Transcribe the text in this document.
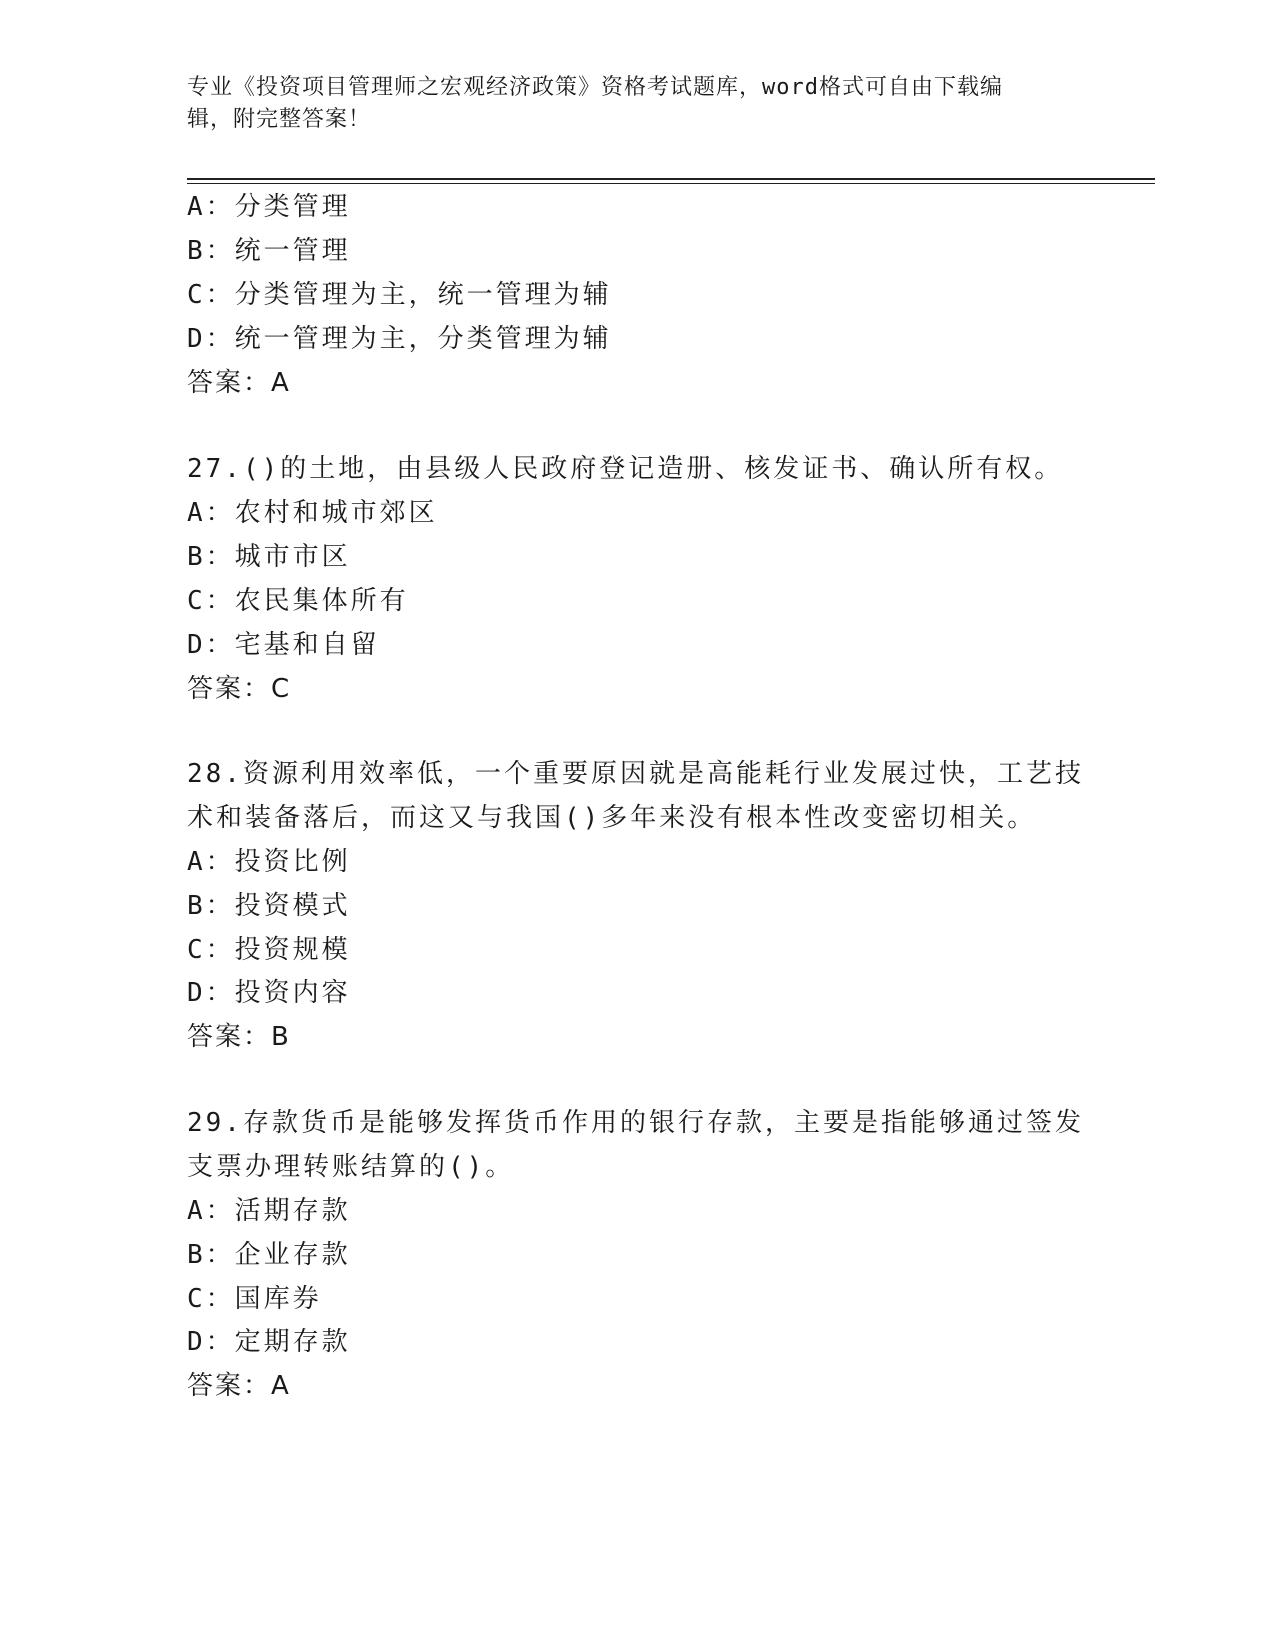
专业《投资项目管理师之宏观经济政策》资格考试题库，word格式可自由下载编
辑，附完整答案！
A：分类管理
B：统一管理
C：分类管理为主，统一管理为辅
D：统一管理为主，分类管理为辅
答案：A
27.()的土地，由县级人民政府登记造册、核发证书、确认所有权。
A：农村和城市郊区
B：城市市区
C：农民集体所有
D：宅基和自留
答案：C
28.资源利用效率低，一个重要原因就是高能耗行业发展过快，工艺技
术和装备落后，而这又与我国()多年来没有根本性改变密切相关。
A：投资比例
B：投资模式
C：投资规模
D：投资内容
答案：B
29.存款货币是能够发挥货币作用的银行存款，主要是指能够通过签发
支票办理转账结算的()。
A：活期存款
B：企业存款
C：国库券
D：定期存款
答案：A
